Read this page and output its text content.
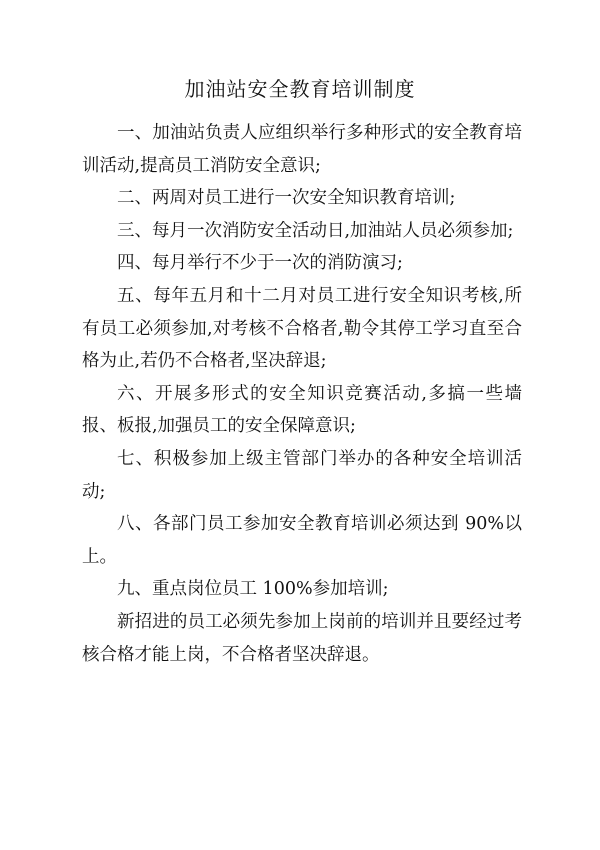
加油站安全教育培训制度

一、加油站负责人应组织举行多种形式的安全教育培训活动,提高员工消防安全意识;

二、两周对员工进行一次安全知识教育培训;

三、每月一次消防安全活动日,加油站人员必须参加;

四、每月举行不少于一次的消防演习;

五、每年五月和十二月对员工进行安全知识考核,所有员工必须参加,对考核不合格者,勒令其停工学习直至合格为止,若仍不合格者,坚决辞退;

六、开展多形式的安全知识竞赛活动,多搞一些墙报、板报,加强员工的安全保障意识;

七、积极参加上级主管部门举办的各种安全培训活动;

八、各部门员工参加安全教育培训必须达到 90%以上。

九、重点岗位员工 100%参加培训;

新招进的员工必须先参加上岗前的培训并且要经过考核合格才能上岗，不合格者坚决辞退。
